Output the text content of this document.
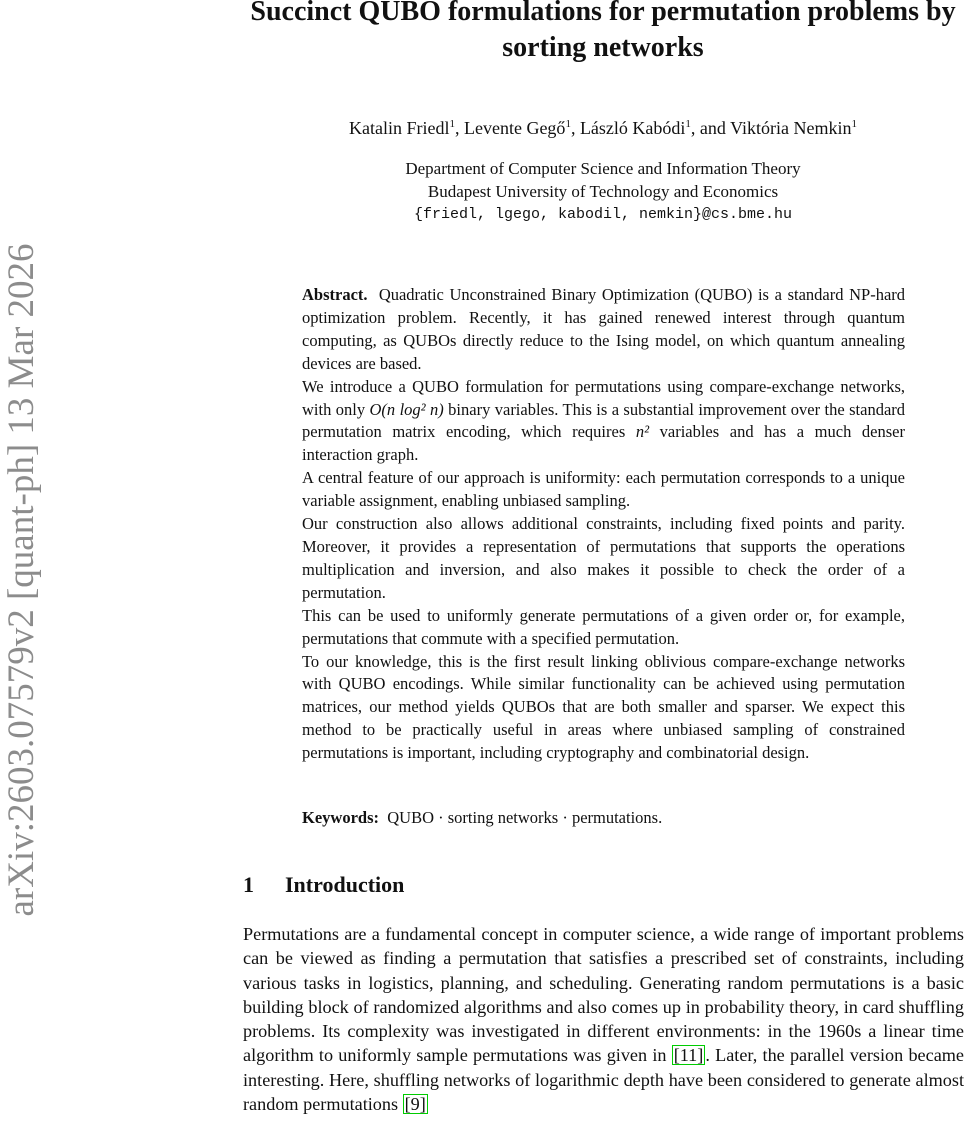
arXiv:2603.07579v2 [quant-ph] 13 Mar 2026
Succinct QUBO formulations for permutation problems by sorting networks
Katalin Friedl$^1$, Levente Gegő$^1$, László Kabódi$^1$, and Viktória Nemkin$^1$
Department of Computer Science and Information Theory
Budapest University of Technology and Economics
{friedl, lgego, kabodil, nemkin}@cs.bme.hu

Abstract. Quadratic Unconstrained Binary Optimization (QUBO) is a standard NP-hard optimization problem. Recently, it has gained renewed interest through quantum computing, as QUBOs directly reduce to the Ising model, on which quantum annealing devices are based.

We introduce a QUBO formulation for permutations using compare-exchange networks, with only O(n log² n) binary variables. This is a substantial improvement over the standard permutation matrix encoding, which requires n² variables and has a much denser interaction graph.

A central feature of our approach is uniformity: each permutation corresponds to a unique variable assignment, enabling unbiased sampling.

Our construction also allows additional constraints, including fixed points and parity. Moreover, it provides a representation of permutations that supports the operations multiplication and inversion, and also makes it possible to check the order of a permutation.

This can be used to uniformly generate permutations of a given order or, for example, permutations that commute with a specified permutation.

To our knowledge, this is the first result linking oblivious compare-exchange networks with QUBO encodings. While similar functionality can be achieved using permutation matrices, our method yields QUBOs that are both smaller and sparser. We expect this method to be practically useful in areas where unbiased sampling of constrained permutations is important, including cryptography and combinatorial design.

Keywords: QUBO · sorting networks · permutations.
1 Introduction

Permutations are a fundamental concept in computer science, a wide range of important problems can be viewed as finding a permutation that satisfies a prescribed set of constraints, including various tasks in logistics, planning, and scheduling. Generating random permutations is a basic building block of randomized algorithms and also comes up in probability theory, in card shuffling problems. Its complexity was investigated in different environments: in the 1960s a linear time algorithm to uniformly sample permutations was given in [11] . Later, the parallel version became interesting. Here, shuffling networks of logarithmic depth have been considered to generate almost random permutations [9]
